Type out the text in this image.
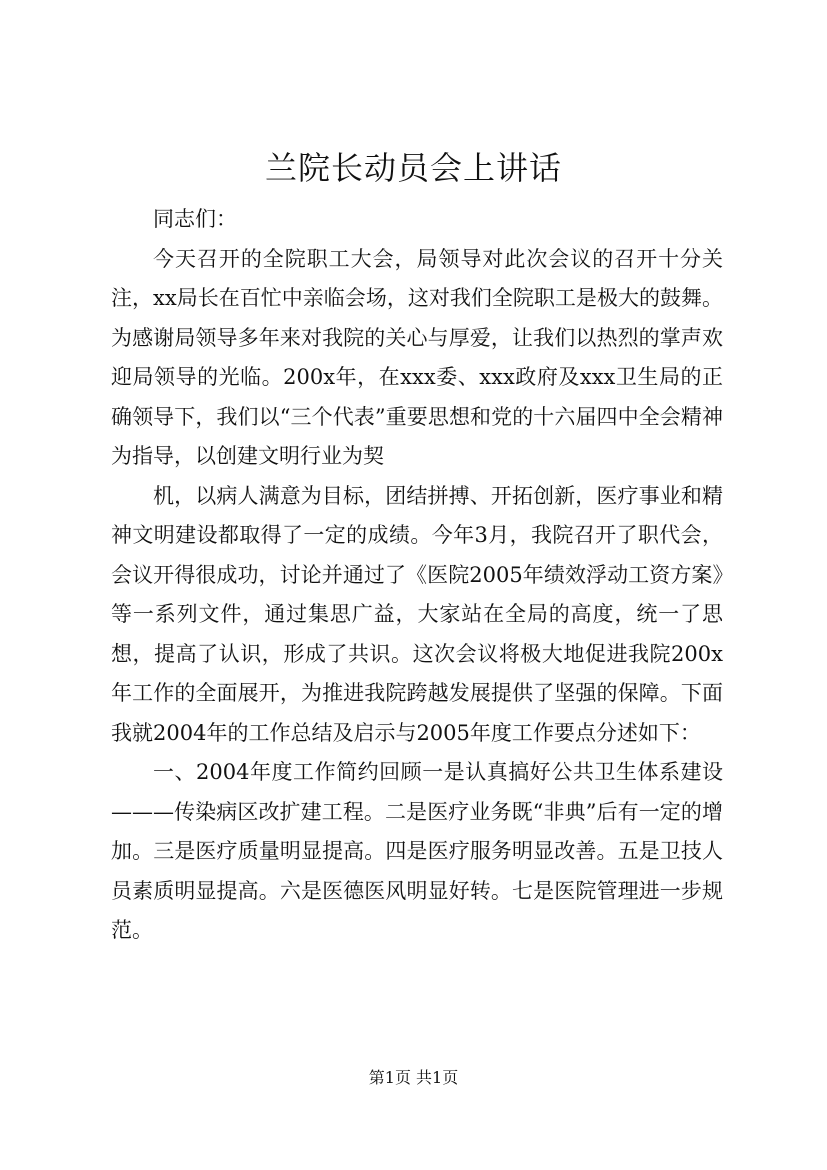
兰院长动员会上讲话

同志们：

今天召开的全院职工大会，局领导对此次会议的召开十分关注，xx局长在百忙中亲临会场，这对我们全院职工是极大的鼓舞。为感谢局领导多年来对我院的关心与厚爱，让我们以热烈的掌声欢迎局领导的光临。200x年，在xxx委、xxx政府及xxx卫生局的正确领导下，我们以“三个代表”重要思想和党的十六届四中全会精神为指导，以创建文明行业为契

机，以病人满意为目标，团结拼搏、开拓创新，医疗事业和精神文明建设都取得了一定的成绩。今年3月，我院召开了职代会，会议开得很成功，讨论并通过了《医院2005年绩效浮动工资方案》等一系列文件，通过集思广益，大家站在全局的高度，统一了思想，提高了认识，形成了共识。这次会议将极大地促进我院200x年工作的全面展开，为推进我院跨越发展提供了坚强的保障。下面我就2004年的工作总结及启示与2005年度工作要点分述如下：

一、2004年度工作简约回顾一是认真搞好公共卫生体系建设———传染病区改扩建工程。二是医疗业务既“非典”后有一定的增加。三是医疗质量明显提高。四是医疗服务明显改善。五是卫技人员素质明显提高。六是医德医风明显好转。七是医院管理进一步规范。

第1页 共1页
